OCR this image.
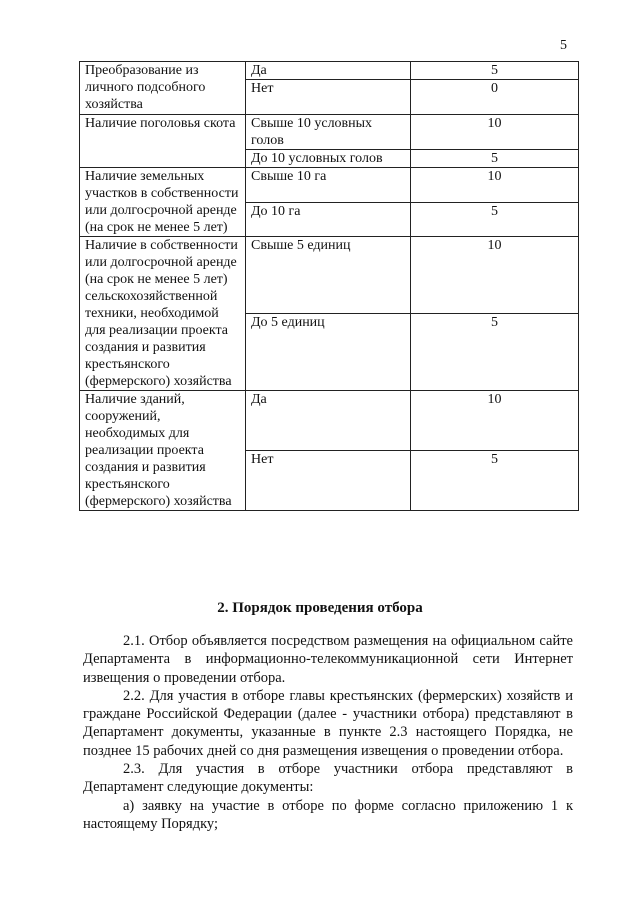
5
Преобразование из личного подсобного хозяйства	Да	5
	Нет	0
Наличие поголовья скота	Свыше 10 условных голов	10
	До 10 условных голов	5
Наличие земельных участков в собственности или долгосрочной аренде (на срок не менее 5 лет)	Свыше 10 га	10
	До 10 га	5
Наличие в собственности или долгосрочной аренде (на срок не менее 5 лет) сельскохозяйственной техники, необходимой для реализации проекта создания и развития крестьянского (фермерского) хозяйства	Свыше 5 единиц	10
	До 5 единиц	5
Наличие зданий, сооружений, необходимых для реализации проекта создания и развития крестьянского (фермерского) хозяйства	Да	10
	Нет	5
2. Порядок проведения отбора

2.1. Отбор объявляется посредством размещения на официальном сайте Департамента в информационно-телекоммуникационной сети Интернет извещения о проведении отбора.

2.2. Для участия в отборе главы крестьянских (фермерских) хозяйств и граждане Российской Федерации (далее - участники отбора) представляют в Департамент документы, указанные в пункте 2.3 настоящего Порядка, не позднее 15 рабочих дней со дня размещения извещения о проведении отбора.

2.3. Для участия в отборе участники отбора представляют в Департамент следующие документы:

а) заявку на участие в отборе по форме согласно приложению 1 к настоящему Порядку;
